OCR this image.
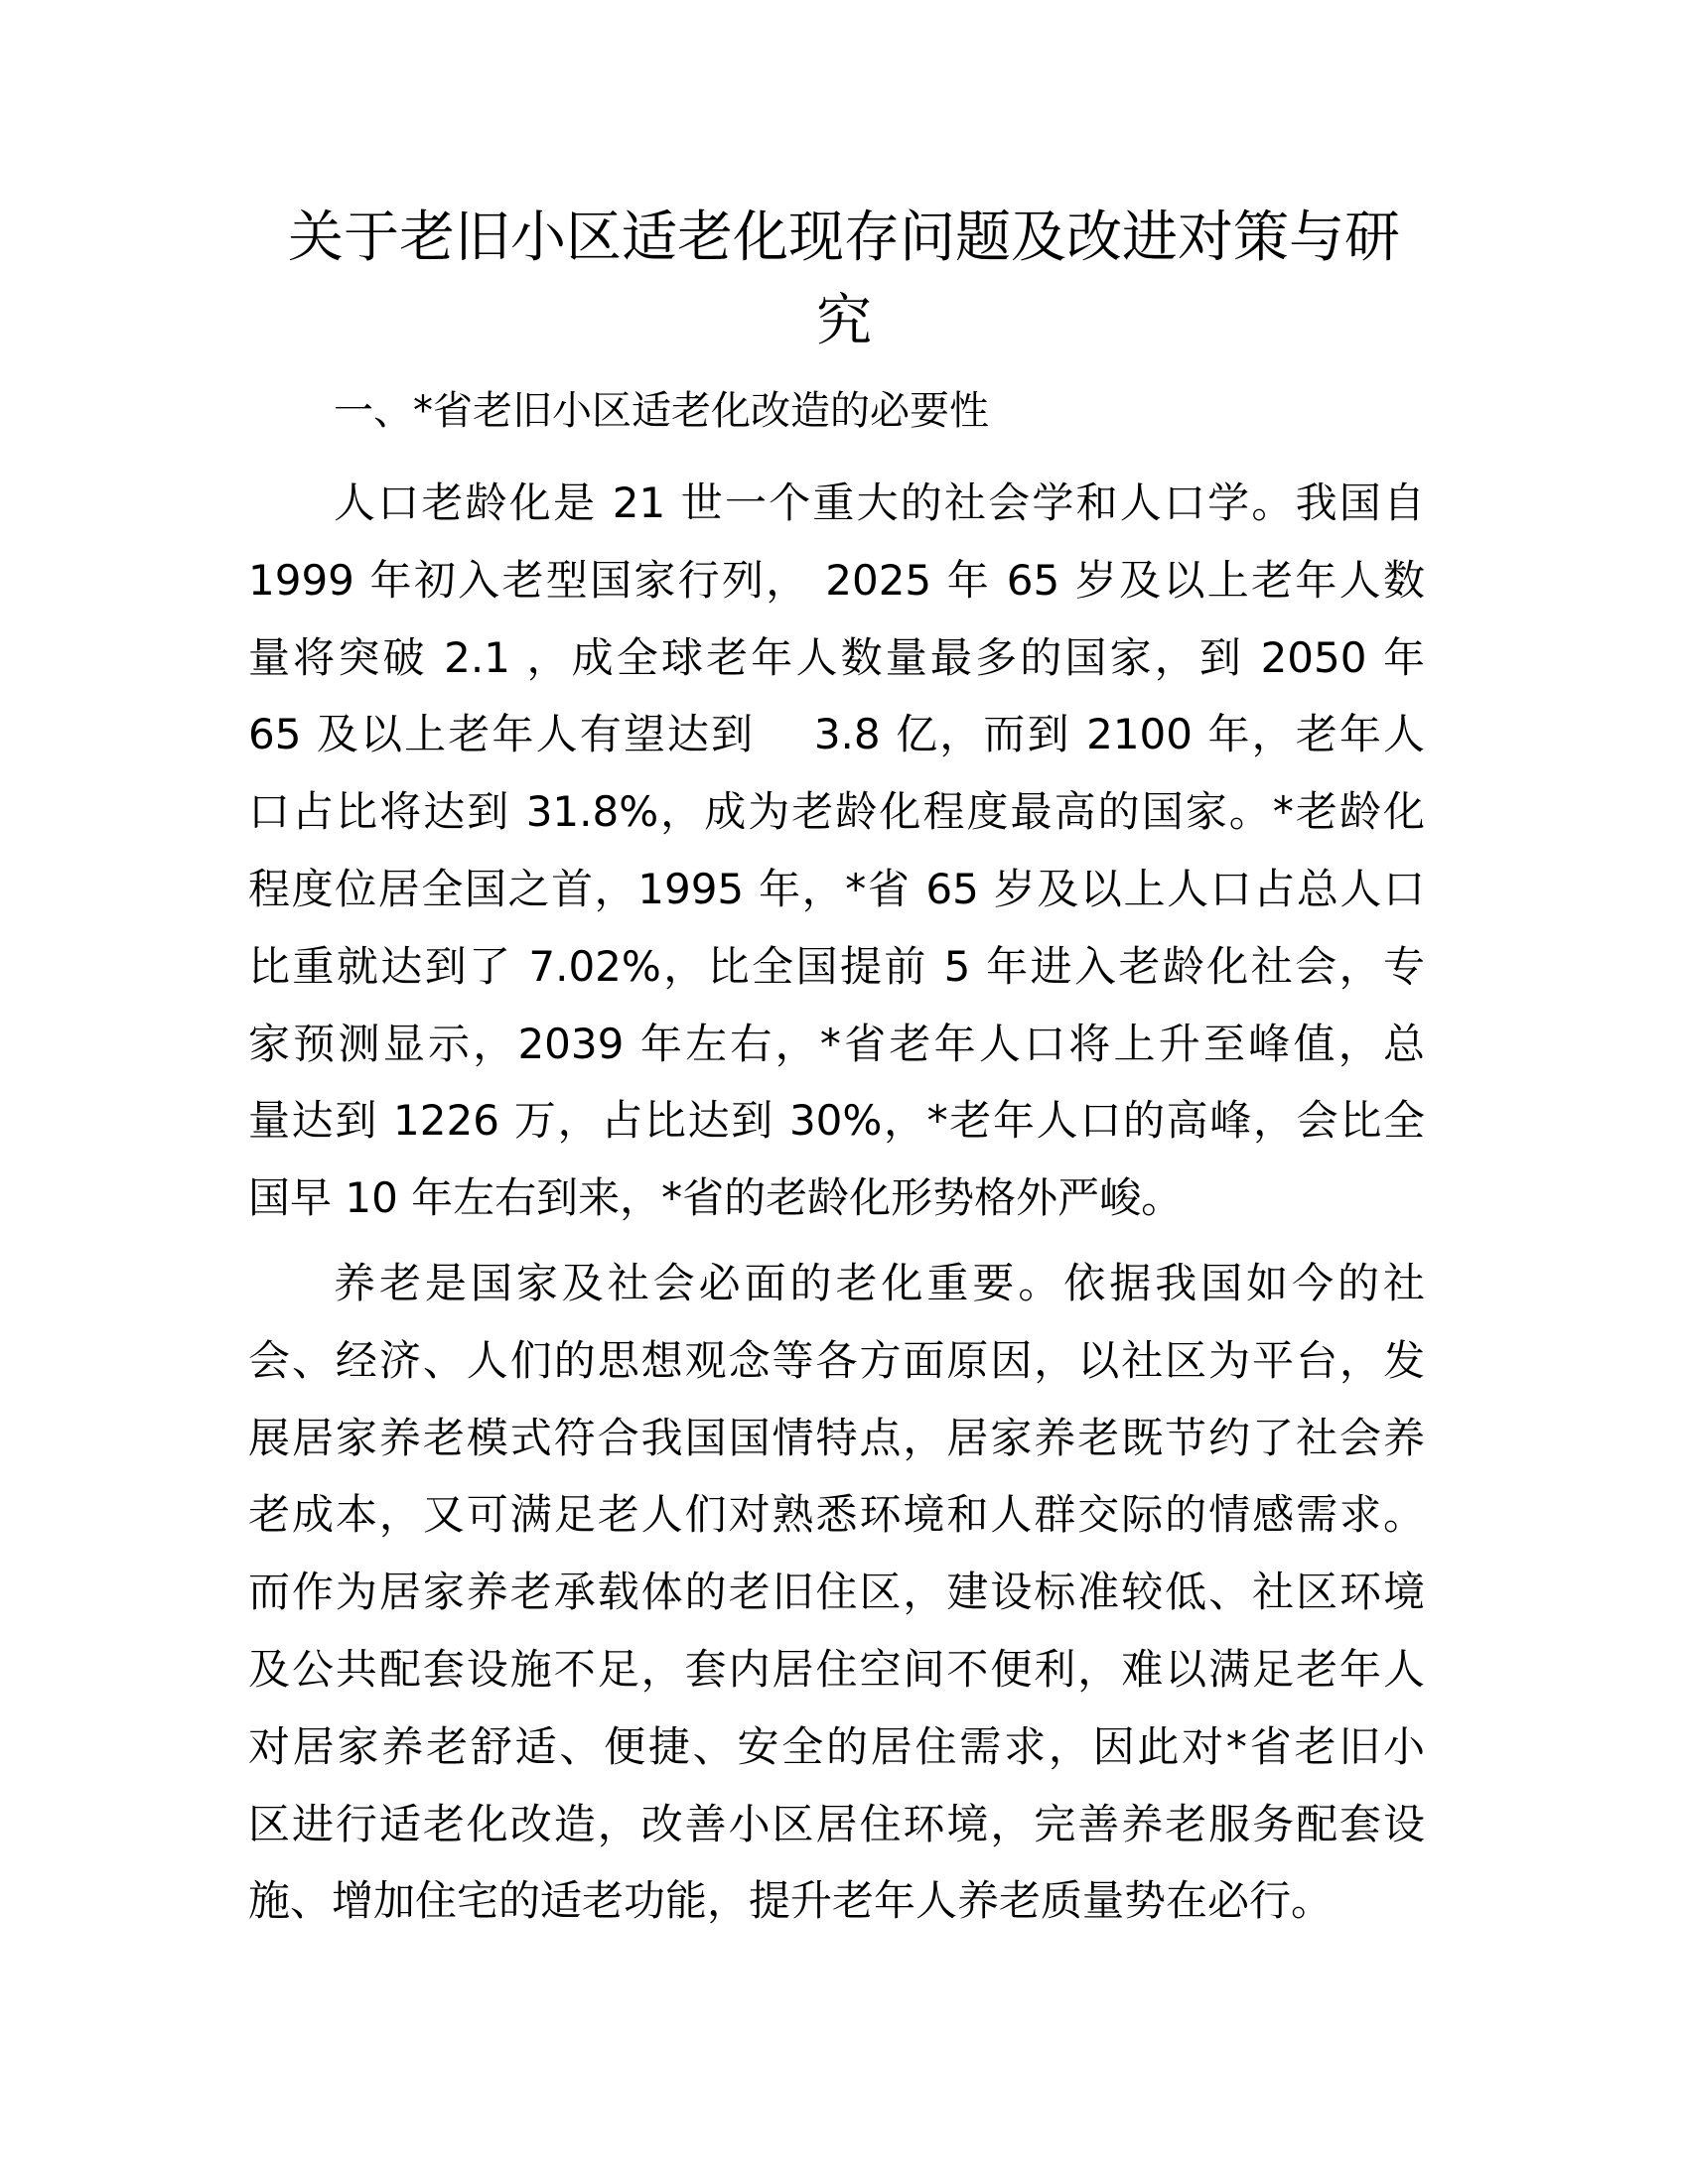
关于老旧小区适老化现存问题及改进对策与研
究
一、*省老旧小区适老化改造的必要性
人口老龄化是 21 世一个重大的社会学和人口学。我国自
1999 年初入老型国家行列， 2025 年 65 岁及以上老年人数
量将突破 2.1 ，成全球老年人数量最多的国家，到 2050 年
65 及以上老年人有望达到　 3.8 亿，而到 2100 年，老年人
口占比将达到 31.8%，成为老龄化程度最高的国家。*老龄化
程度位居全国之首，1995 年，*省 65 岁及以上人口占总人口
比重就达到了 7.02%，比全国提前 5 年进入老龄化社会，专
家预测显示，2039 年左右，*省老年人口将上升至峰值，总
量达到 1226 万，占比达到 30%，*老年人口的高峰，会比全
国早 10 年左右到来，*省的老龄化形势格外严峻。
养老是国家及社会必面的老化重要。依据我国如今的社
会、经济、人们的思想观念等各方面原因，以社区为平台，发
展居家养老模式符合我国国情特点，居家养老既节约了社会养
老成本，又可满足老人们对熟悉环境和人群交际的情感需求。
而作为居家养老承载体的老旧住区，建设标准较低、社区环境
及公共配套设施不足，套内居住空间不便利，难以满足老年人
对居家养老舒适、便捷、安全的居住需求，因此对*省老旧小
区进行适老化改造，改善小区居住环境，完善养老服务配套设
施、增加住宅的适老功能，提升老年人养老质量势在必行。
